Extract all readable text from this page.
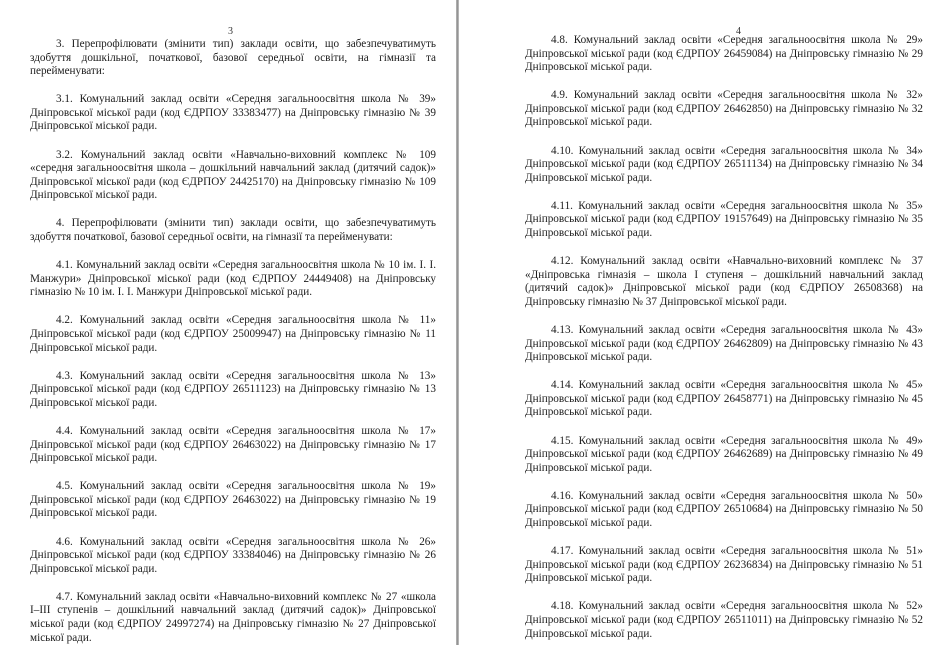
3

3. Перепрофілювати (змінити тип) заклади освіти, що забезпечуватимуть здобуття дошкільної, початкової, базової середньої освіти, на гімназії та перейменувати:

3.1. Комунальний заклад освіти «Середня загальноосвітня школа № 39» Дніпровської міської ради (код ЄДРПОУ 33383477) на Дніпровську гімназію № 39 Дніпровської міської ради.

3.2. Комунальний заклад освіти «Навчально-виховний комплекс № 109 «середня загальноосвітня школа – дошкільний навчальний заклад (дитячий садок)» Дніпровської міської ради (код ЄДРПОУ 24425170) на Дніпровську гімназію № 109 Дніпровської міської ради.

4. Перепрофілювати (змінити тип) заклади освіти, що забезпечуватимуть здобуття початкової, базової середньої освіти, на гімназії та перейменувати:

4.1. Комунальний заклад освіти «Середня загальноосвітня школа № 10 ім. І. І. Манжури» Дніпровської міської ради (код ЄДРПОУ 24449408) на Дніпровську гімназію № 10 ім. І. І. Манжури Дніпровської міської ради.

4.2. Комунальний заклад освіти «Середня загальноосвітня школа № 11» Дніпровської міської ради (код ЄДРПОУ 25009947) на Дніпровську гімназію № 11 Дніпровської міської ради.

4.3. Комунальний заклад освіти «Середня загальноосвітня школа № 13» Дніпровської міської ради (код ЄДРПОУ 26511123) на Дніпровську гімназію № 13 Дніпровської міської ради.

4.4. Комунальний заклад освіти «Середня загальноосвітня школа № 17» Дніпровської міської ради (код ЄДРПОУ 26463022) на Дніпровську гімназію № 17 Дніпровської міської ради.

4.5. Комунальний заклад освіти «Середня загальноосвітня школа № 19» Дніпровської міської ради (код ЄДРПОУ 26463022) на Дніпровську гімназію № 19 Дніпровської міської ради.

4.6. Комунальний заклад освіти «Середня загальноосвітня школа № 26» Дніпровської міської ради (код ЄДРПОУ 33384046) на Дніпровську гімназію № 26 Дніпровської міської ради.

4.7. Комунальний заклад освіти «Навчально-виховний комплекс № 27 «школа І–ІІІ ступенів – дошкільний навчальний заклад (дитячий садок)» Дніпровської міської ради (код ЄДРПОУ 24997274) на Дніпровську гімназію № 27 Дніпровської міської ради.

4

4.8. Комунальний заклад освіти «Середня загальноосвітня школа № 29» Дніпровської міської ради (код ЄДРПОУ 26459084) на Дніпровську гімназію № 29 Дніпровської міської ради.

4.9. Комунальний заклад освіти «Середня загальноосвітня школа № 32» Дніпровської міської ради (код ЄДРПОУ 26462850) на Дніпровську гімназію № 32 Дніпровської міської ради.

4.10. Комунальний заклад освіти «Середня загальноосвітня школа № 34» Дніпровської міської ради (код ЄДРПОУ 26511134) на Дніпровську гімназію № 34 Дніпровської міської ради.

4.11. Комунальний заклад освіти «Середня загальноосвітня школа № 35» Дніпровської міської ради (код ЄДРПОУ 19157649) на Дніпровську гімназію № 35 Дніпровської міської ради.

4.12. Комунальний заклад освіти «Навчально-виховний комплекс № 37 «Дніпровська гімназія – школа І ступеня – дошкільний навчальний заклад (дитячий садок)» Дніпровської міської ради (код ЄДРПОУ 26508368) на Дніпровську гімназію № 37 Дніпровської міської ради.

4.13. Комунальний заклад освіти «Середня загальноосвітня школа № 43» Дніпровської міської ради (код ЄДРПОУ 26462809) на Дніпровську гімназію № 43 Дніпровської міської ради.

4.14. Комунальний заклад освіти «Середня загальноосвітня школа № 45» Дніпровської міської ради (код ЄДРПОУ 26458771) на Дніпровську гімназію № 45 Дніпровської міської ради.

4.15. Комунальний заклад освіти «Середня загальноосвітня школа № 49» Дніпровської міської ради (код ЄДРПОУ 26462689) на Дніпровську гімназію № 49 Дніпровської міської ради.

4.16. Комунальний заклад освіти «Середня загальноосвітня школа № 50» Дніпровської міської ради (код ЄДРПОУ 26510684) на Дніпровську гімназію № 50 Дніпровської міської ради.

4.17. Комунальний заклад освіти «Середня загальноосвітня школа № 51» Дніпровської міської ради (код ЄДРПОУ 26236834) на Дніпровську гімназію № 51 Дніпровської міської ради.

4.18. Комунальний заклад освіти «Середня загальноосвітня школа № 52» Дніпровської міської ради (код ЄДРПОУ 26511011) на Дніпровську гімназію № 52 Дніпровської міської ради.
